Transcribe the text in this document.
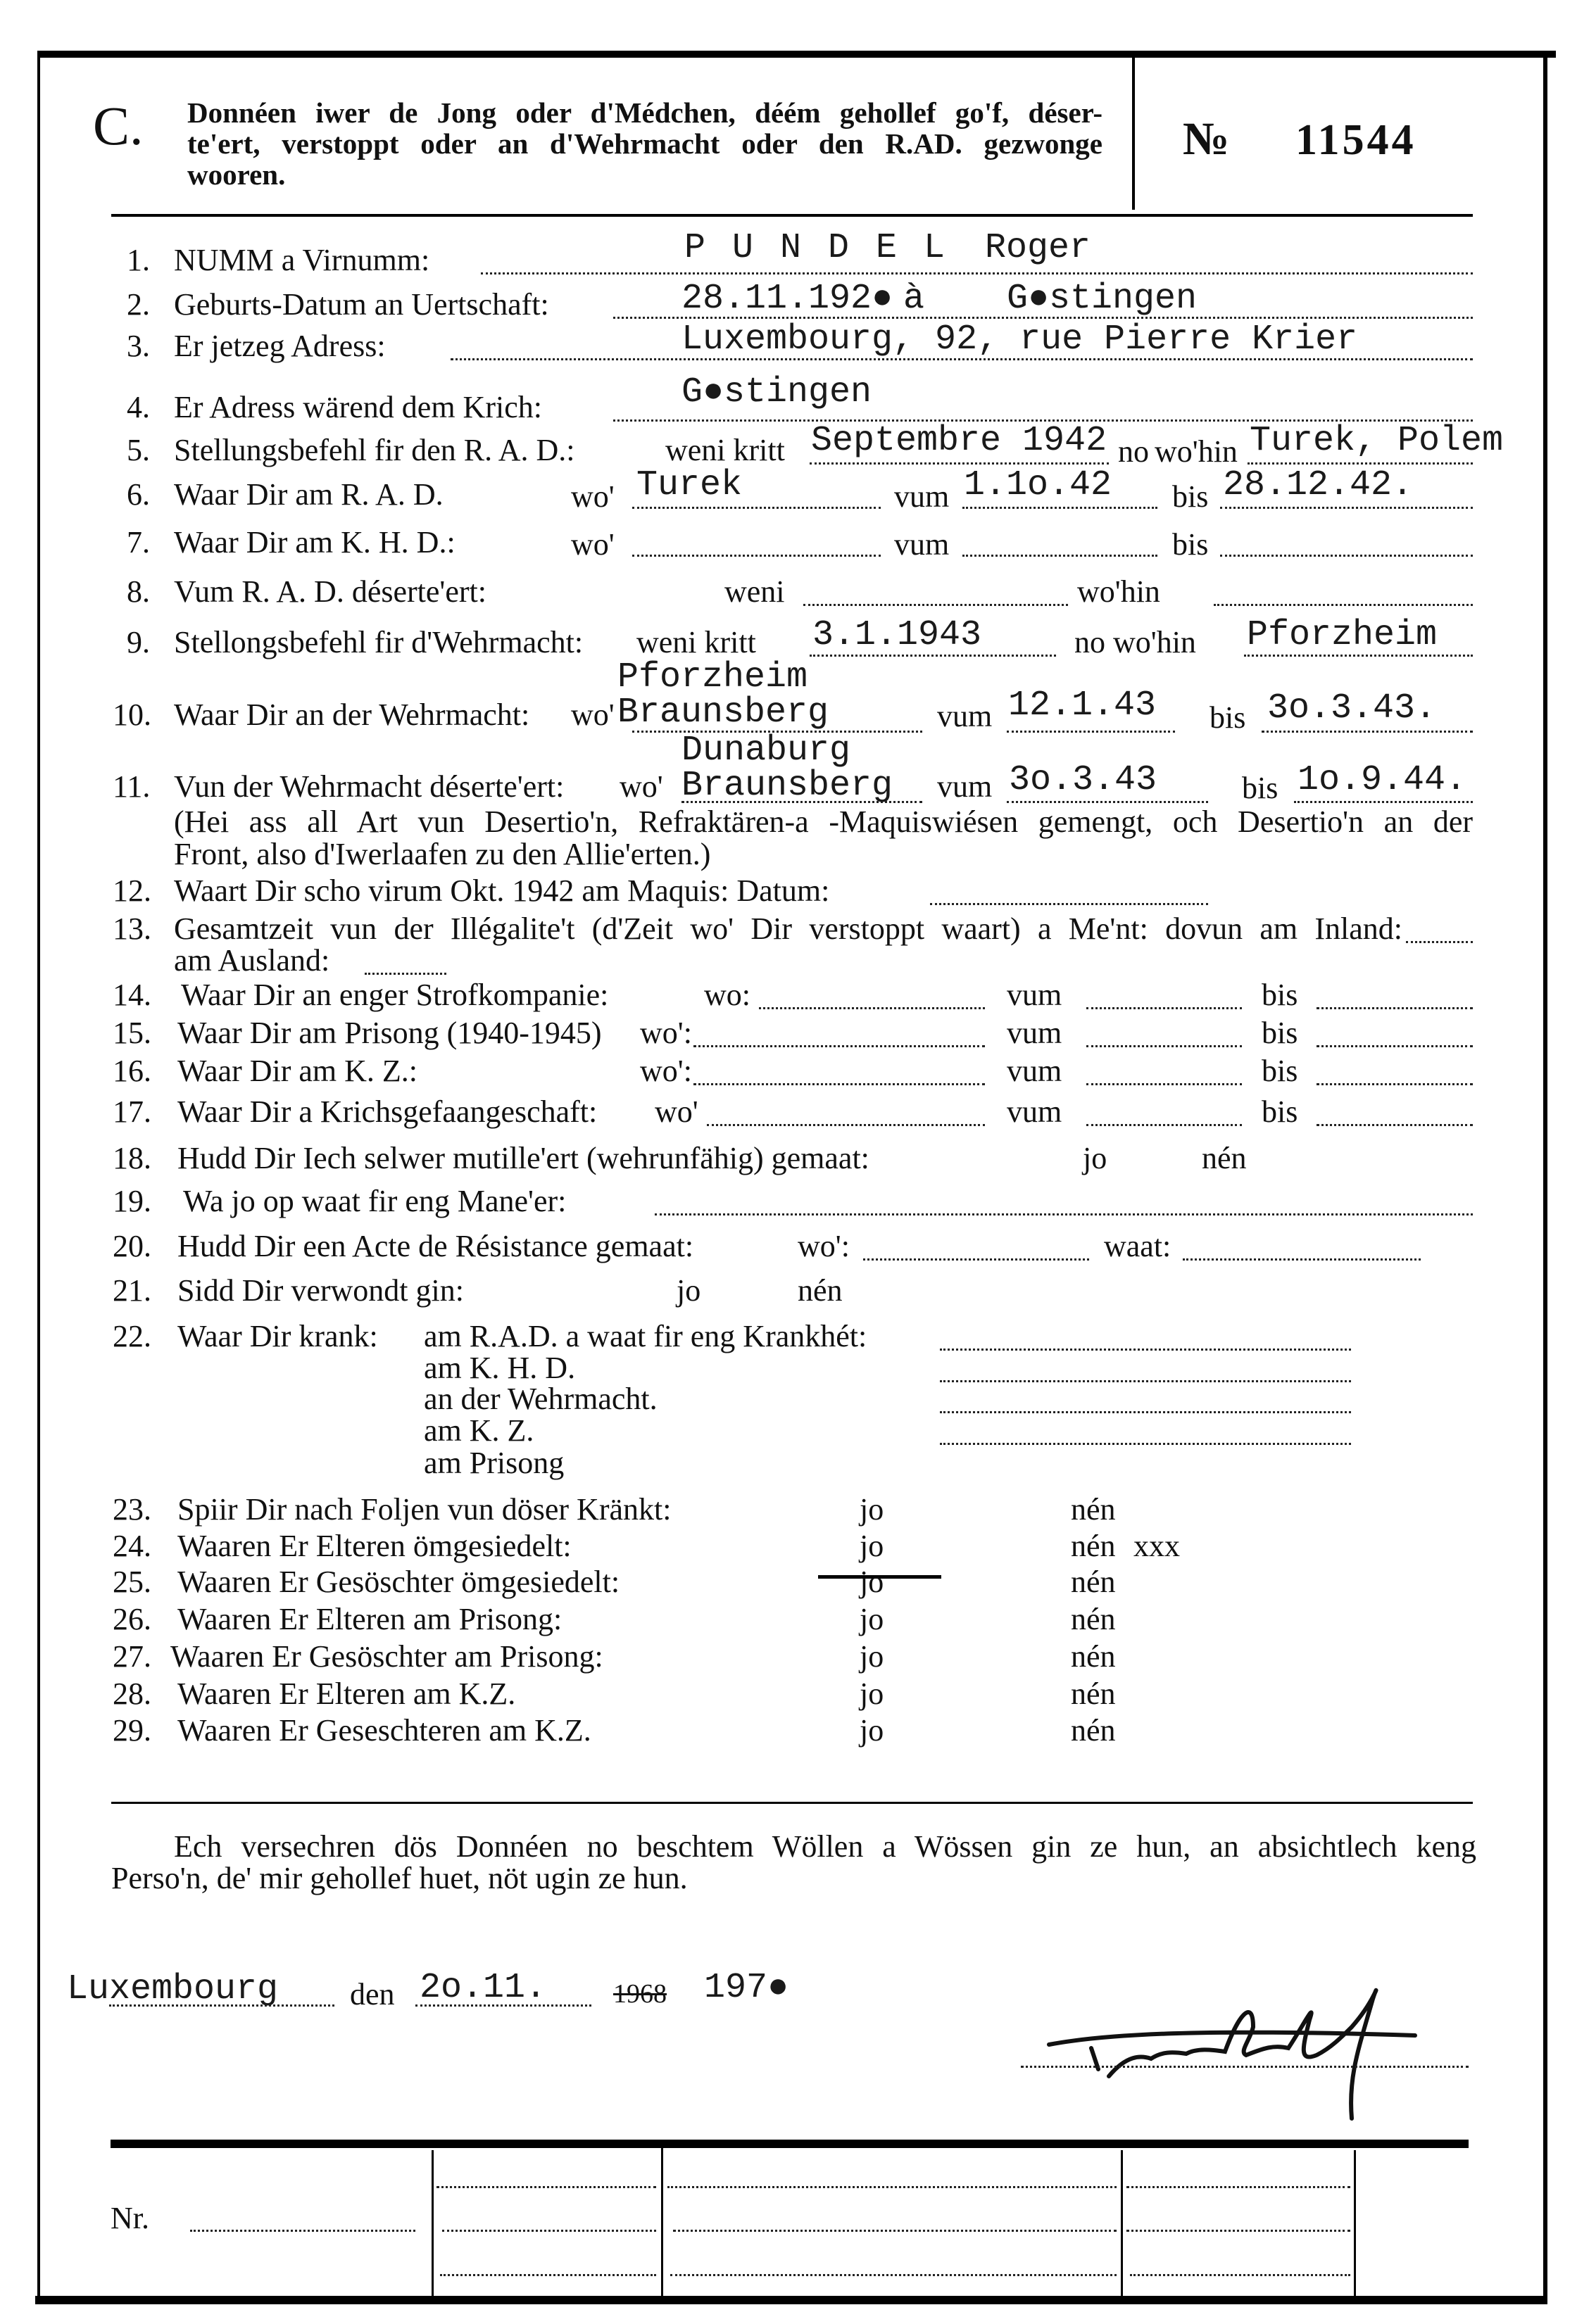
C. Donnéen iwer de Jong oder d'Médchen, déém gehollef go'f, déser-
te'ert, verstoppt oder an d'Wehrmacht oder den R.AD. gezwonge
wooren.
№ 11544
1. NUMM a Virnumm:	P U N D E L Roger
2. Geburts-Datum an Uertschaft:	28.11.192● à G●stingen
3. Er jetzeg Adress:	Luxembourg, 92, rue Pierre Krier
4. Er Adress wärend dem Krich:	G●stingen
5. Stellungsbefehl fir den R. A. D.:	weni kritt Septembre 1942 no wo'hin Turek, Polem
6. Waar Dir am R. A. D.	wo' Turek	vum 1.1o.42 bis 28.12.42.
7. Waar Dir am K. H. D.:	wo'	vum	bis
8. Vum R. A. D. déserte'ert:	weni	wo'hin
9. Stellongsbefehl fir d'Wehrmacht: weni kritt 3.1.1943	no wo'hin Pforzheim
10. Waar Dir an der Wehrmacht: wo'
Pforzheim
Braunsberg	vum 12.1.43 bis 3o.3.43.
11. Vun der Wehrmacht déserte'ert: wo'
Dunaburg
Braunsberg vum 3o.3.43	bis 1o.9.44.
(Hei ass all Art vun Desertio'n, Refraktären-a -Maquiswiésen gemengt, och Desertio'n an der
Front, also d'Iwerlaafen zu den Allie'erten.)
12. Waart Dir scho virum Okt. 1942 am Maquis: Datum:
13. Gesamtzeit vun der Illégalite't (d'Zeit wo' Dir verstoppt waart) a Me'nt: dovun am Inland:
am Ausland:
14. Waar Dir an enger Strofkompanie:	wo:	vum	bis
15. Waar Dir am Prisong (1940-1945) wo':	vum	bis
16. Waar Dir am K. Z.:	wo':	vum	bis
17. Waar Dir a Krichsgefaangeschaft: wo'	vum	bis
18. Hudd Dir Iech selwer mutille'ert (wehrunfähig) gemaat:	jo	nén
19. Wa jo op waat fir eng Mane'er:
20. Hudd Dir een Acte de Résistance gemaat:	wo':	waat:
21. Sidd Dir verwondt gin:	jo	nén
22. Waar Dir krank: am R.A.D. a waat fir eng Krankhét:
am K. H. D.
an der Wehrmacht.
am K. Z.
am Prisong
23. Spiir Dir nach Foljen vun döser Kränkt:	jo	nén
24. Waaren Er Elteren ömgesiedelt:	jo	nén xxx
25. Waaren Er Gesöschter ömgesiedelt:	jo	nén
26. Waaren Er Elteren am Prisong:	jo	nén
27. Waaren Er Gesöschter am Prisong:	jo	nén
28. Waaren Er Elteren am K.Z.	jo	nén
29. Waaren Er Geseschteren am K.Z.	jo	nén
Ech versechren dös Donnéen no beschtem Wöllen a Wössen gin ze hun, an absichtlech keng
Perso'n, de' mir gehollef huet, nöt ugin ze hun.
Luxembourg den 2o.11. 1968 197●
Nr.
